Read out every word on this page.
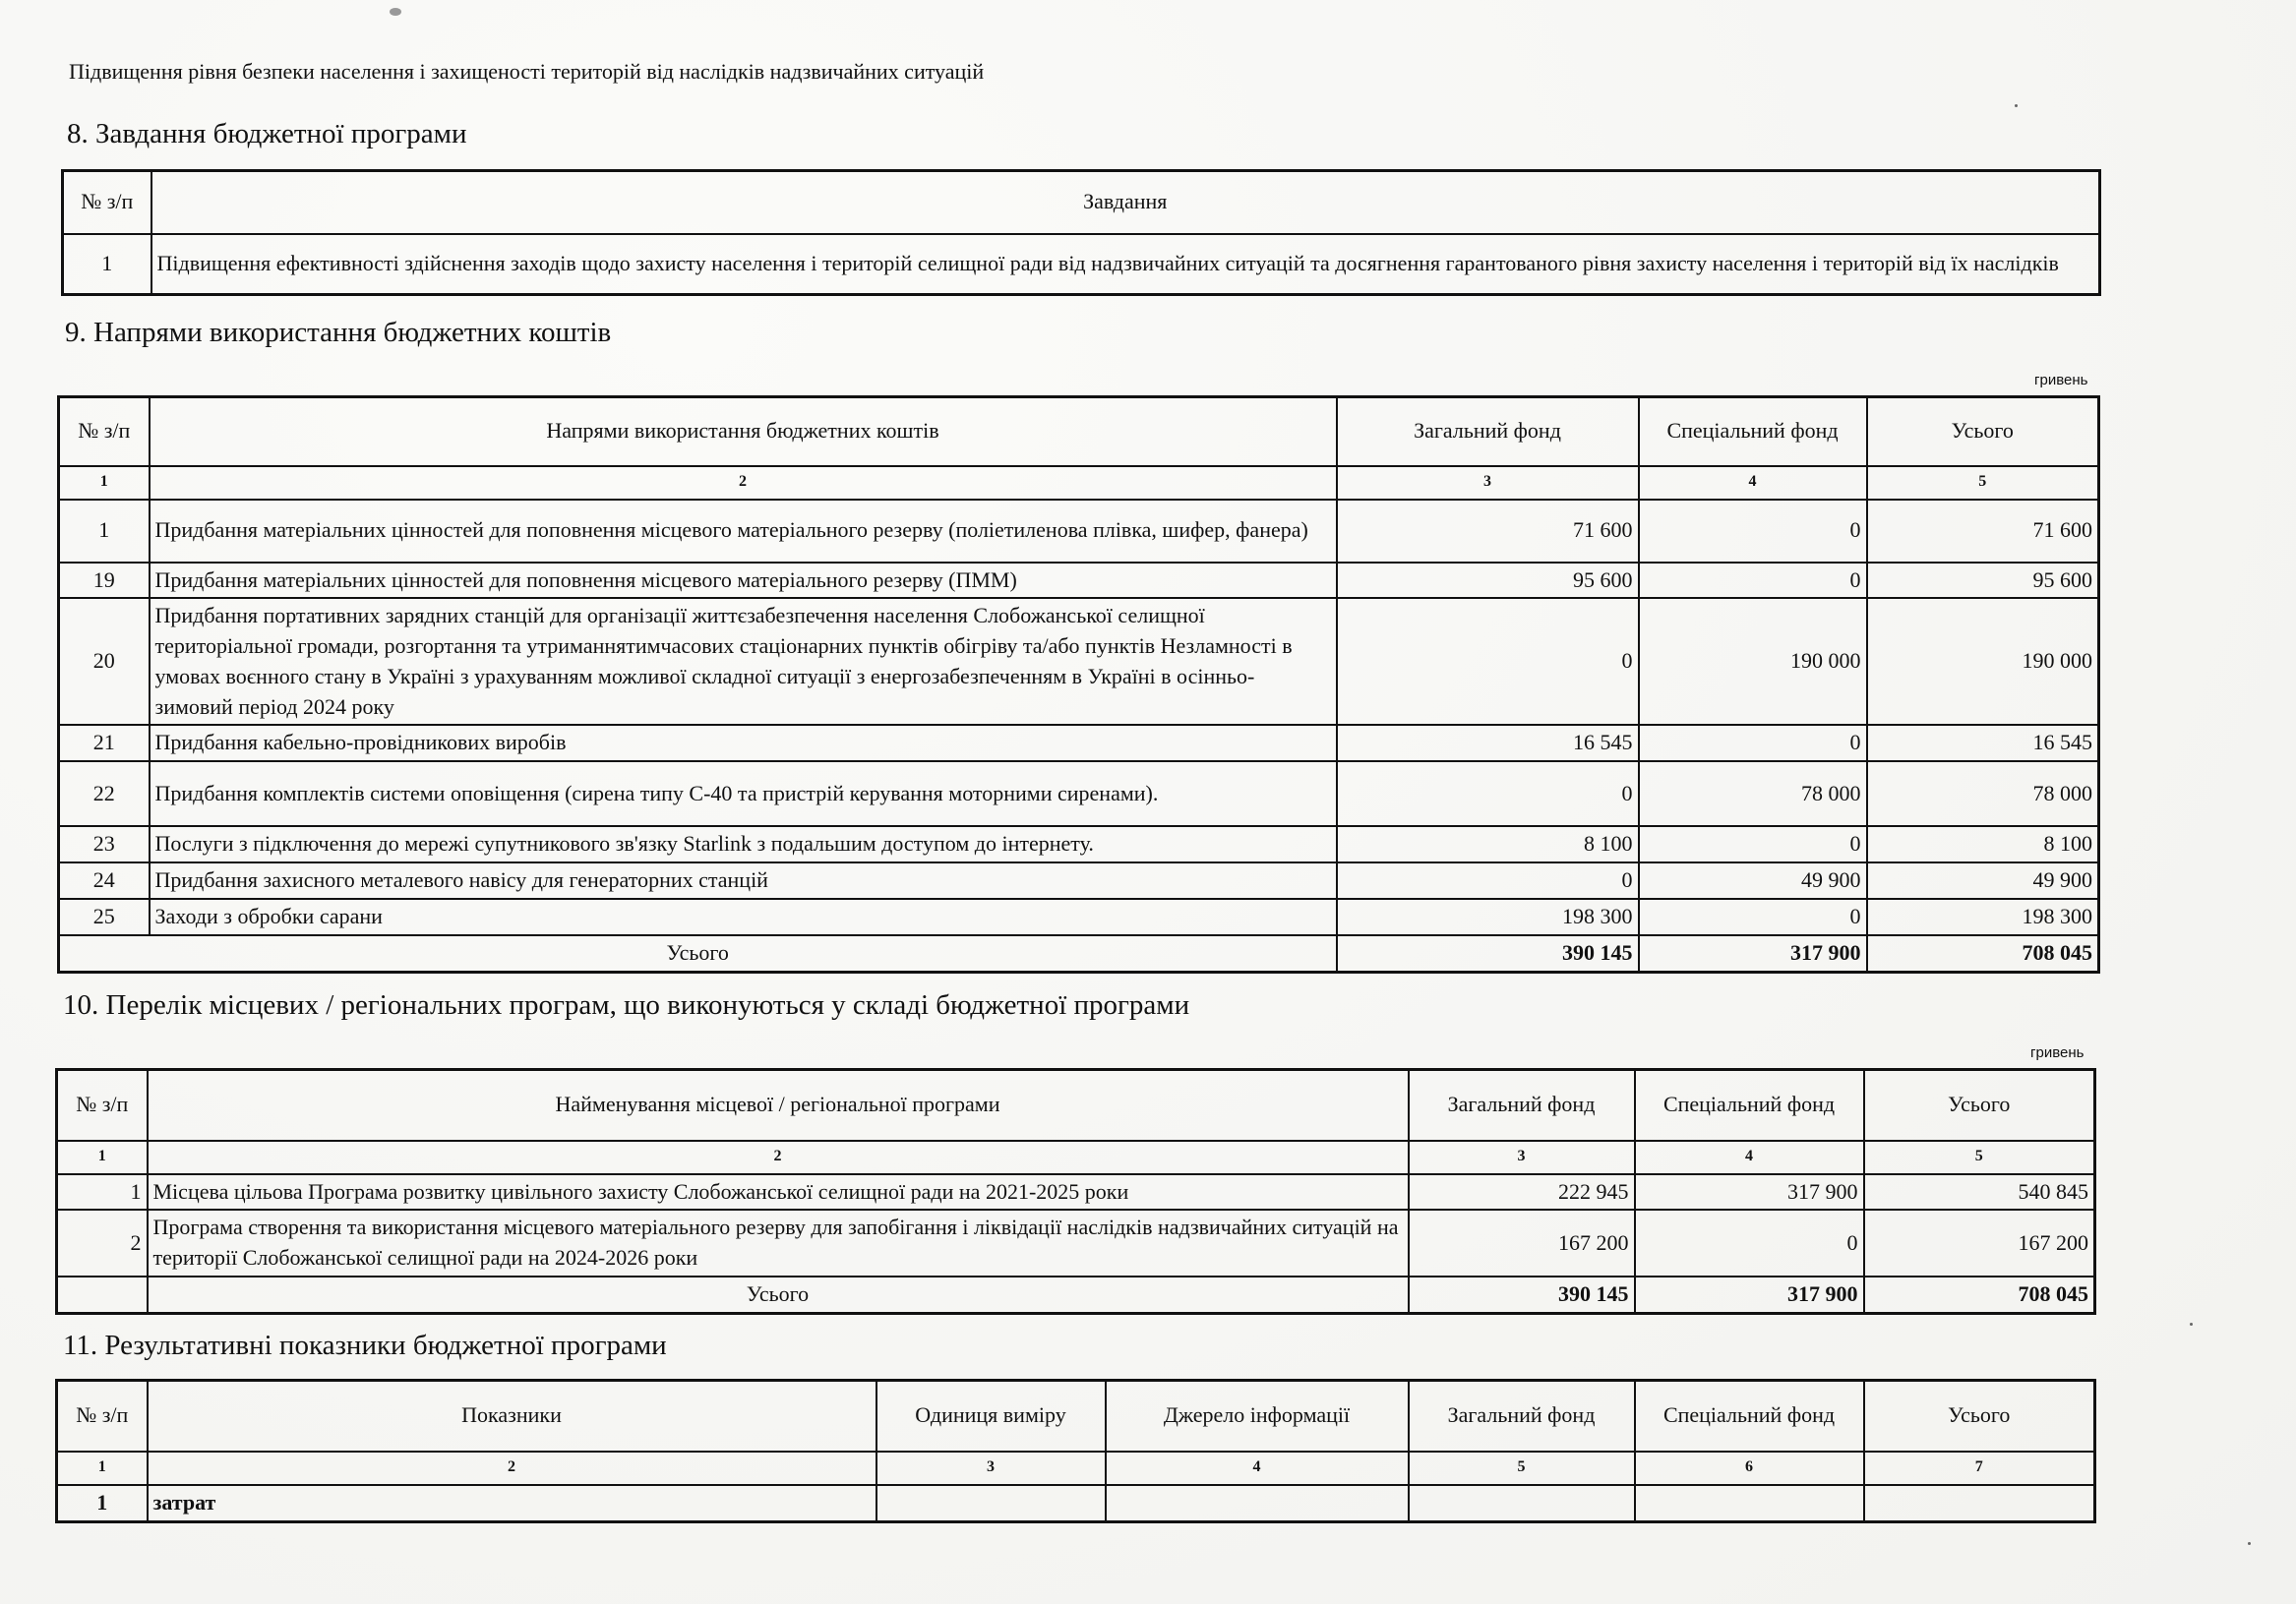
Підвищення рівня безпеки населення і захищеності територій від наслідків надзвичайних ситуацій
8. Завдання бюджетної програми
№ з/п	Завдання
1	Підвищення ефективності здійснення заходів щодо захисту населення і територій селищної ради від надзвичайних ситуацій та досягнення гарантованого рівня захисту населення і територій від їх наслідків
9. Напрями використання бюджетних коштів
гривень
№ з/п	Напрями використання бюджетних коштів	Загальний фонд	Спеціальний фонд	Усього
1	2	3	4	5
1	Придбання матеріальних цінностей для поповнення місцевого матеріального резерву (поліетиленова плівка, шифер, фанера)	71 600	0	71 600
19	Придбання матеріальних цінностей для поповнення місцевого матеріального резерву (ПММ)	95 600	0	95 600
20	Придбання портативних зарядних станцій для організації життєзабезпечення населення Слобожанської селищної територіальної громади, розгортання та утриманнятимчасових стаціонарних пунктів обігріву та/або пунктів Незламності в умовах воєнного стану в Україні з урахуванням можливої складної ситуації з енергозабезпеченням в Україні в осінньо-зимовий період 2024 року	0	190 000	190 000
21	Придбання кабельно-провідникових виробів	16 545	0	16 545
22	Придбання комплектів системи оповіщення (сирена типу С-40 та пристрій керування моторними сиренами).	0	78 000	78 000
23	Послуги з підключення до мережі супутникового зв'язку Starlink з подальшим доступом до інтернету.	8 100	0	8 100
24	Придбання захисного металевого навісу для генераторних станцій	0	49 900	49 900
25	Заходи з обробки сарани	198 300	0	198 300
Усього		390 145	317 900	708 045
10. Перелік місцевих / регіональних програм, що виконуються у складі бюджетної програми
гривень
№ з/п	Найменування місцевої / регіональної програми	Загальний фонд	Спеціальний фонд	Усього
1	2	3	4	5
1	Місцева цільова Програма розвитку цивільного захисту Слобожанської селищної ради на 2021-2025 роки	222 945	317 900	540 845
2	Програма створення та використання місцевого матеріального резерву для запобігання і ліквідації наслідків надзвичайних ситуацій на території Слобожанської селищної ради на 2024-2026 роки	167 200	0	167 200
	Усього	390 145	317 900	708 045
11. Результативні показники бюджетної програми
№ з/п	Показники	Одиниця виміру	Джерело інформації	Загальний фонд	Спеціальний фонд	Усього
1	2	3	4	5	6	7
1	затрат					
